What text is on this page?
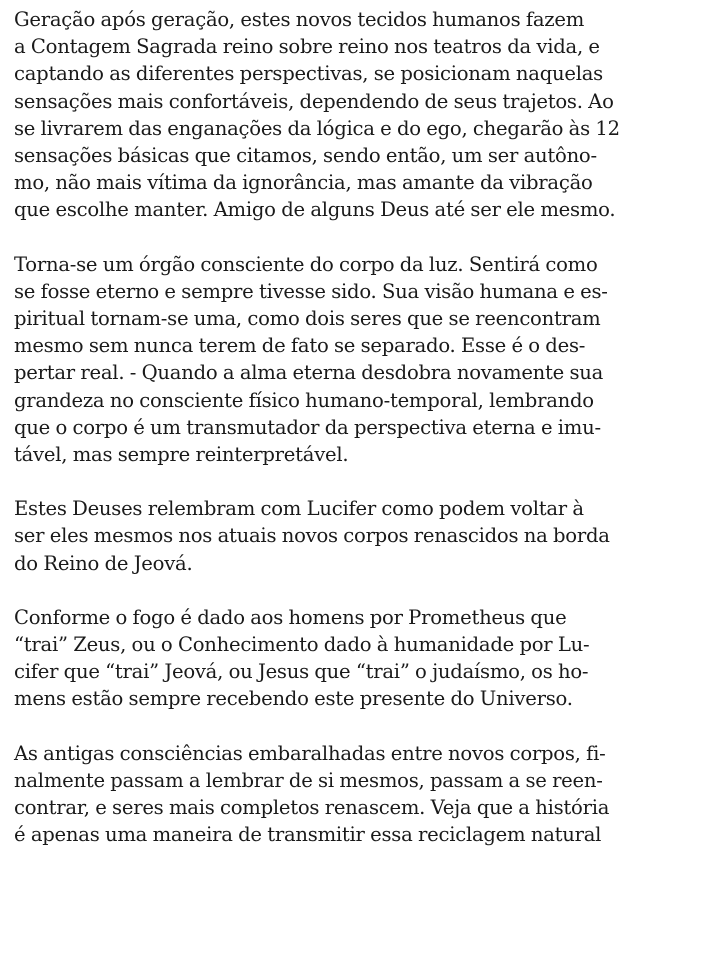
Geração após geração, estes novos tecidos humanos fazem
a Contagem Sagrada reino sobre reino nos teatros da vida, e
captando as diferentes perspectivas, se posicionam naquelas
sensações mais confortáveis, dependendo de seus trajetos. Ao
se livrarem das enganações da lógica e do ego, chegarão às 12
sensações básicas que citamos, sendo então, um ser autôno-
mo, não mais vítima da ignorância, mas amante da vibração
que escolhe manter. Amigo de alguns Deus até ser ele mesmo.

Torna-se um órgão consciente do corpo da luz. Sentirá como
se fosse eterno e sempre tivesse sido. Sua visão humana e es-
piritual tornam-se uma, como dois seres que se reencontram
mesmo sem nunca terem de fato se separado. Esse é o des-
pertar real. - Quando a alma eterna desdobra novamente sua
grandeza no consciente físico humano-temporal, lembrando
que o corpo é um transmutador da perspectiva eterna e imu-
tável, mas sempre reinterpretável.

Estes Deuses relembram com Lucifer como podem voltar à
ser eles mesmos nos atuais novos corpos renascidos na borda
do Reino de Jeová.

Conforme o fogo é dado aos homens por Prometheus que
“trai” Zeus, ou o Conhecimento dado à humanidade por Lu-
cifer que “trai” Jeová, ou Jesus que “trai” o judaísmo, os ho-
mens estão sempre recebendo este presente do Universo.

As antigas consciências embaralhadas entre novos corpos, fi-
nalmente passam a lembrar de si mesmos, passam a se reen-
contrar, e seres mais completos renascem. Veja que a história
é apenas uma maneira de transmitir essa reciclagem natural
